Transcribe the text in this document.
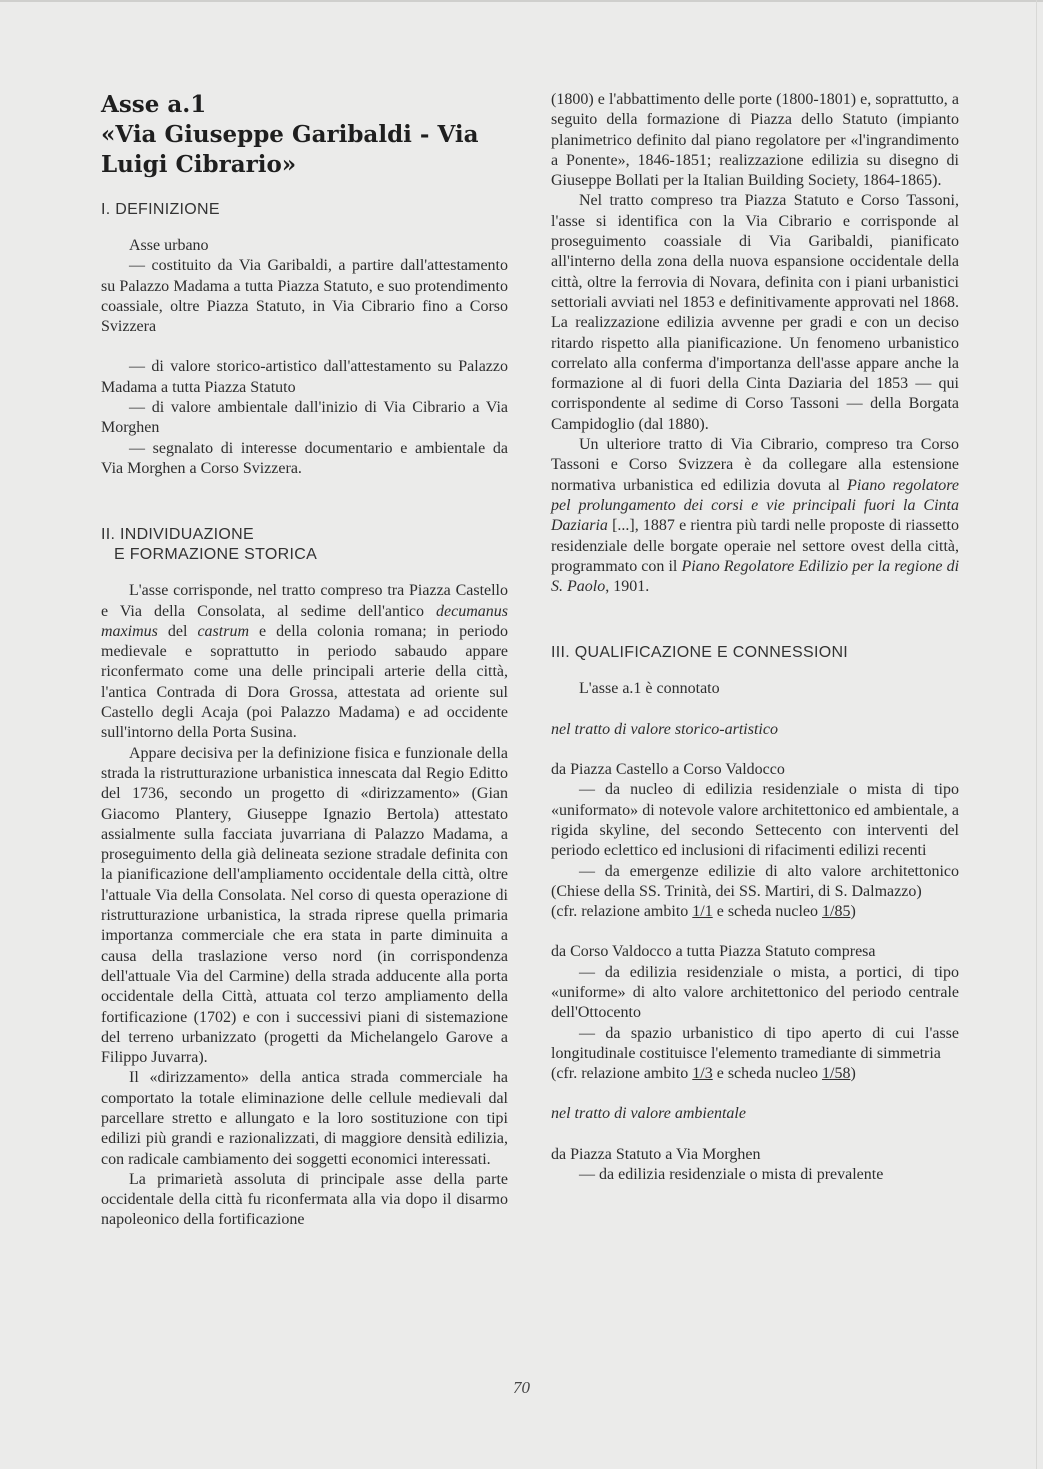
Asse a.1
«Via Giuseppe Garibaldi - Via
Luigi Cibrario»
I. DEFINIZIONE

Asse urbano

— costituito da Via Garibaldi, a partire dall'attestamento su Palazzo Madama a tutta Piazza Statuto, e suo protendimento coassiale, oltre Piazza Statuto, in Via Cibrario fino a Corso Svizzera

— di valore storico-artistico dall'attestamento su Palazzo Madama a tutta Piazza Statuto

— di valore ambientale dall'inizio di Via Cibrario a Via Morghen

— segnalato di interesse documentario e ambientale da Via Morghen a Corso Svizzera.

II. INDIVIDUAZIONE
E FORMAZIONE STORICA

L'asse corrisponde, nel tratto compreso tra Piazza Castello e Via della Consolata, al sedime dell'antico decumanus maximus del castrum e della colonia romana; in periodo medievale e soprattutto in periodo sabaudo appare riconfermato come una delle principali arterie della città, l'antica Contrada di Dora Grossa, attestata ad oriente sul Castello degli Acaja (poi Palazzo Madama) e ad occidente sull'intorno della Porta Susina.

Appare decisiva per la definizione fisica e funzionale della strada la ristrutturazione urbanistica innescata dal Regio Editto del 1736, secondo un progetto di «dirizzamento» (Gian Giacomo Plantery, Giuseppe Ignazio Bertola) attestato assialmente sulla facciata juvarriana di Palazzo Madama, a proseguimento della già delineata sezione stradale definita con la pianificazione dell'ampliamento occidentale della città, oltre l'attuale Via della Consolata. Nel corso di questa operazione di ristrutturazione urbanistica, la strada riprese quella primaria importanza commerciale che era stata in parte diminuita a causa della traslazione verso nord (in corrispondenza dell'attuale Via del Carmine) della strada adducente alla porta occidentale della Città, attuata col terzo ampliamento della fortificazione (1702) e con i successivi piani di sistemazione del terreno urbanizzato (progetti da Michelangelo Garove a Filippo Juvarra).

Il «dirizzamento» della antica strada commerciale ha comportato la totale eliminazione delle cellule medievali dal parcellare stretto e allungato e la loro sostituzione con tipi edilizi più grandi e razionalizzati, di maggiore densità edilizia, con radicale cambiamento dei soggetti economici interessati.

La primarietà assoluta di principale asse della parte occidentale della città fu riconfermata alla via dopo il disarmo napoleonico della fortificazione

(1800) e l'abbattimento delle porte (1800-1801) e, soprattutto, a seguito della formazione di Piazza dello Statuto (impianto planimetrico definito dal piano regolatore per «l'ingrandimento a Ponente», 1846-1851; realizzazione edilizia su disegno di Giuseppe Bollati per la Italian Building Society, 1864-1865).

Nel tratto compreso tra Piazza Statuto e Corso Tassoni, l'asse si identifica con la Via Cibrario e corrisponde al proseguimento coassiale di Via Garibaldi, pianificato all'interno della zona della nuova espansione occidentale della città, oltre la ferrovia di Novara, definita con i piani urbanistici settoriali avviati nel 1853 e definitivamente approvati nel 1868. La realizzazione edilizia avvenne per gradi e con un deciso ritardo rispetto alla pianificazione. Un fenomeno urbanistico correlato alla conferma d'importanza dell'asse appare anche la formazione al di fuori della Cinta Daziaria del 1853 — qui corrispondente al sedime di Corso Tassoni — della Borgata Campidoglio (dal 1880).

Un ulteriore tratto di Via Cibrario, compreso tra Corso Tassoni e Corso Svizzera è da collegare alla estensione normativa urbanistica ed edilizia dovuta al Piano regolatore pel prolungamento dei corsi e vie principali fuori la Cinta Daziaria [...], 1887 e rientra più tardi nelle proposte di riassetto residenziale delle borgate operaie nel settore ovest della città, programmato con il Piano Regolatore Edilizio per la regione di S. Paolo, 1901.

III. QUALIFICAZIONE E CONNESSIONI

L'asse a.1 è connotato

nel tratto di valore storico-artistico

da Piazza Castello a Corso Valdocco

— da nucleo di edilizia residenziale o mista di tipo «uniformato» di notevole valore architettonico ed ambientale, a rigida skyline, del secondo Settecento con interventi del periodo eclettico ed inclusioni di rifacimenti edilizi recenti

— da emergenze edilizie di alto valore architettonico (Chiese della SS. Trinità, dei SS. Martiri, di S. Dalmazzo)

(cfr. relazione ambito 1/1 e scheda nucleo 1/85)

da Corso Valdocco a tutta Piazza Statuto compresa

— da edilizia residenziale o mista, a portici, di tipo «uniforme» di alto valore architettonico del periodo centrale dell'Ottocento

— da spazio urbanistico di tipo aperto di cui l'asse longitudinale costituisce l'elemento tramediante di simmetria

(cfr. relazione ambito 1/3 e scheda nucleo 1/58)

nel tratto di valore ambientale

da Piazza Statuto a Via Morghen

— da edilizia residenziale o mista di prevalente

70
